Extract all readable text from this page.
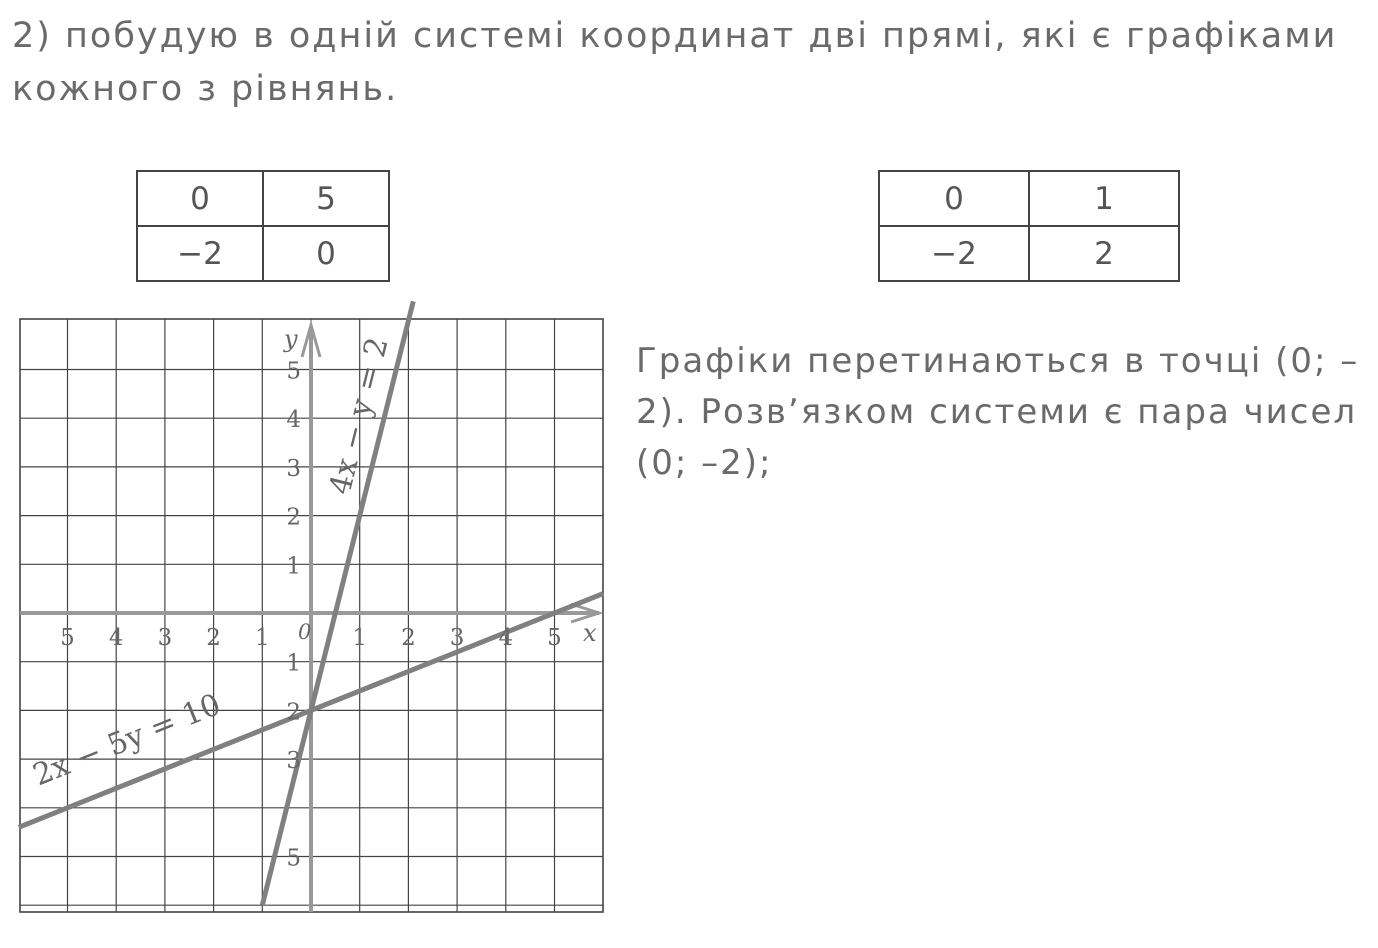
2) побудую в одній системі координат дві прямі, які є графіками
кожного з рівнянь.
0	5
−2	0
0	1
−2	2
Графіки перетинаються в точці (0; –
2). Розв’язком системи є пара чисел
(0; –2);
2x − 5y = 10
4x − y = 2
5 4 3 2 1	1 2 3 4 5
5
4
3
2
1
1
2
3
5
0	x
y
